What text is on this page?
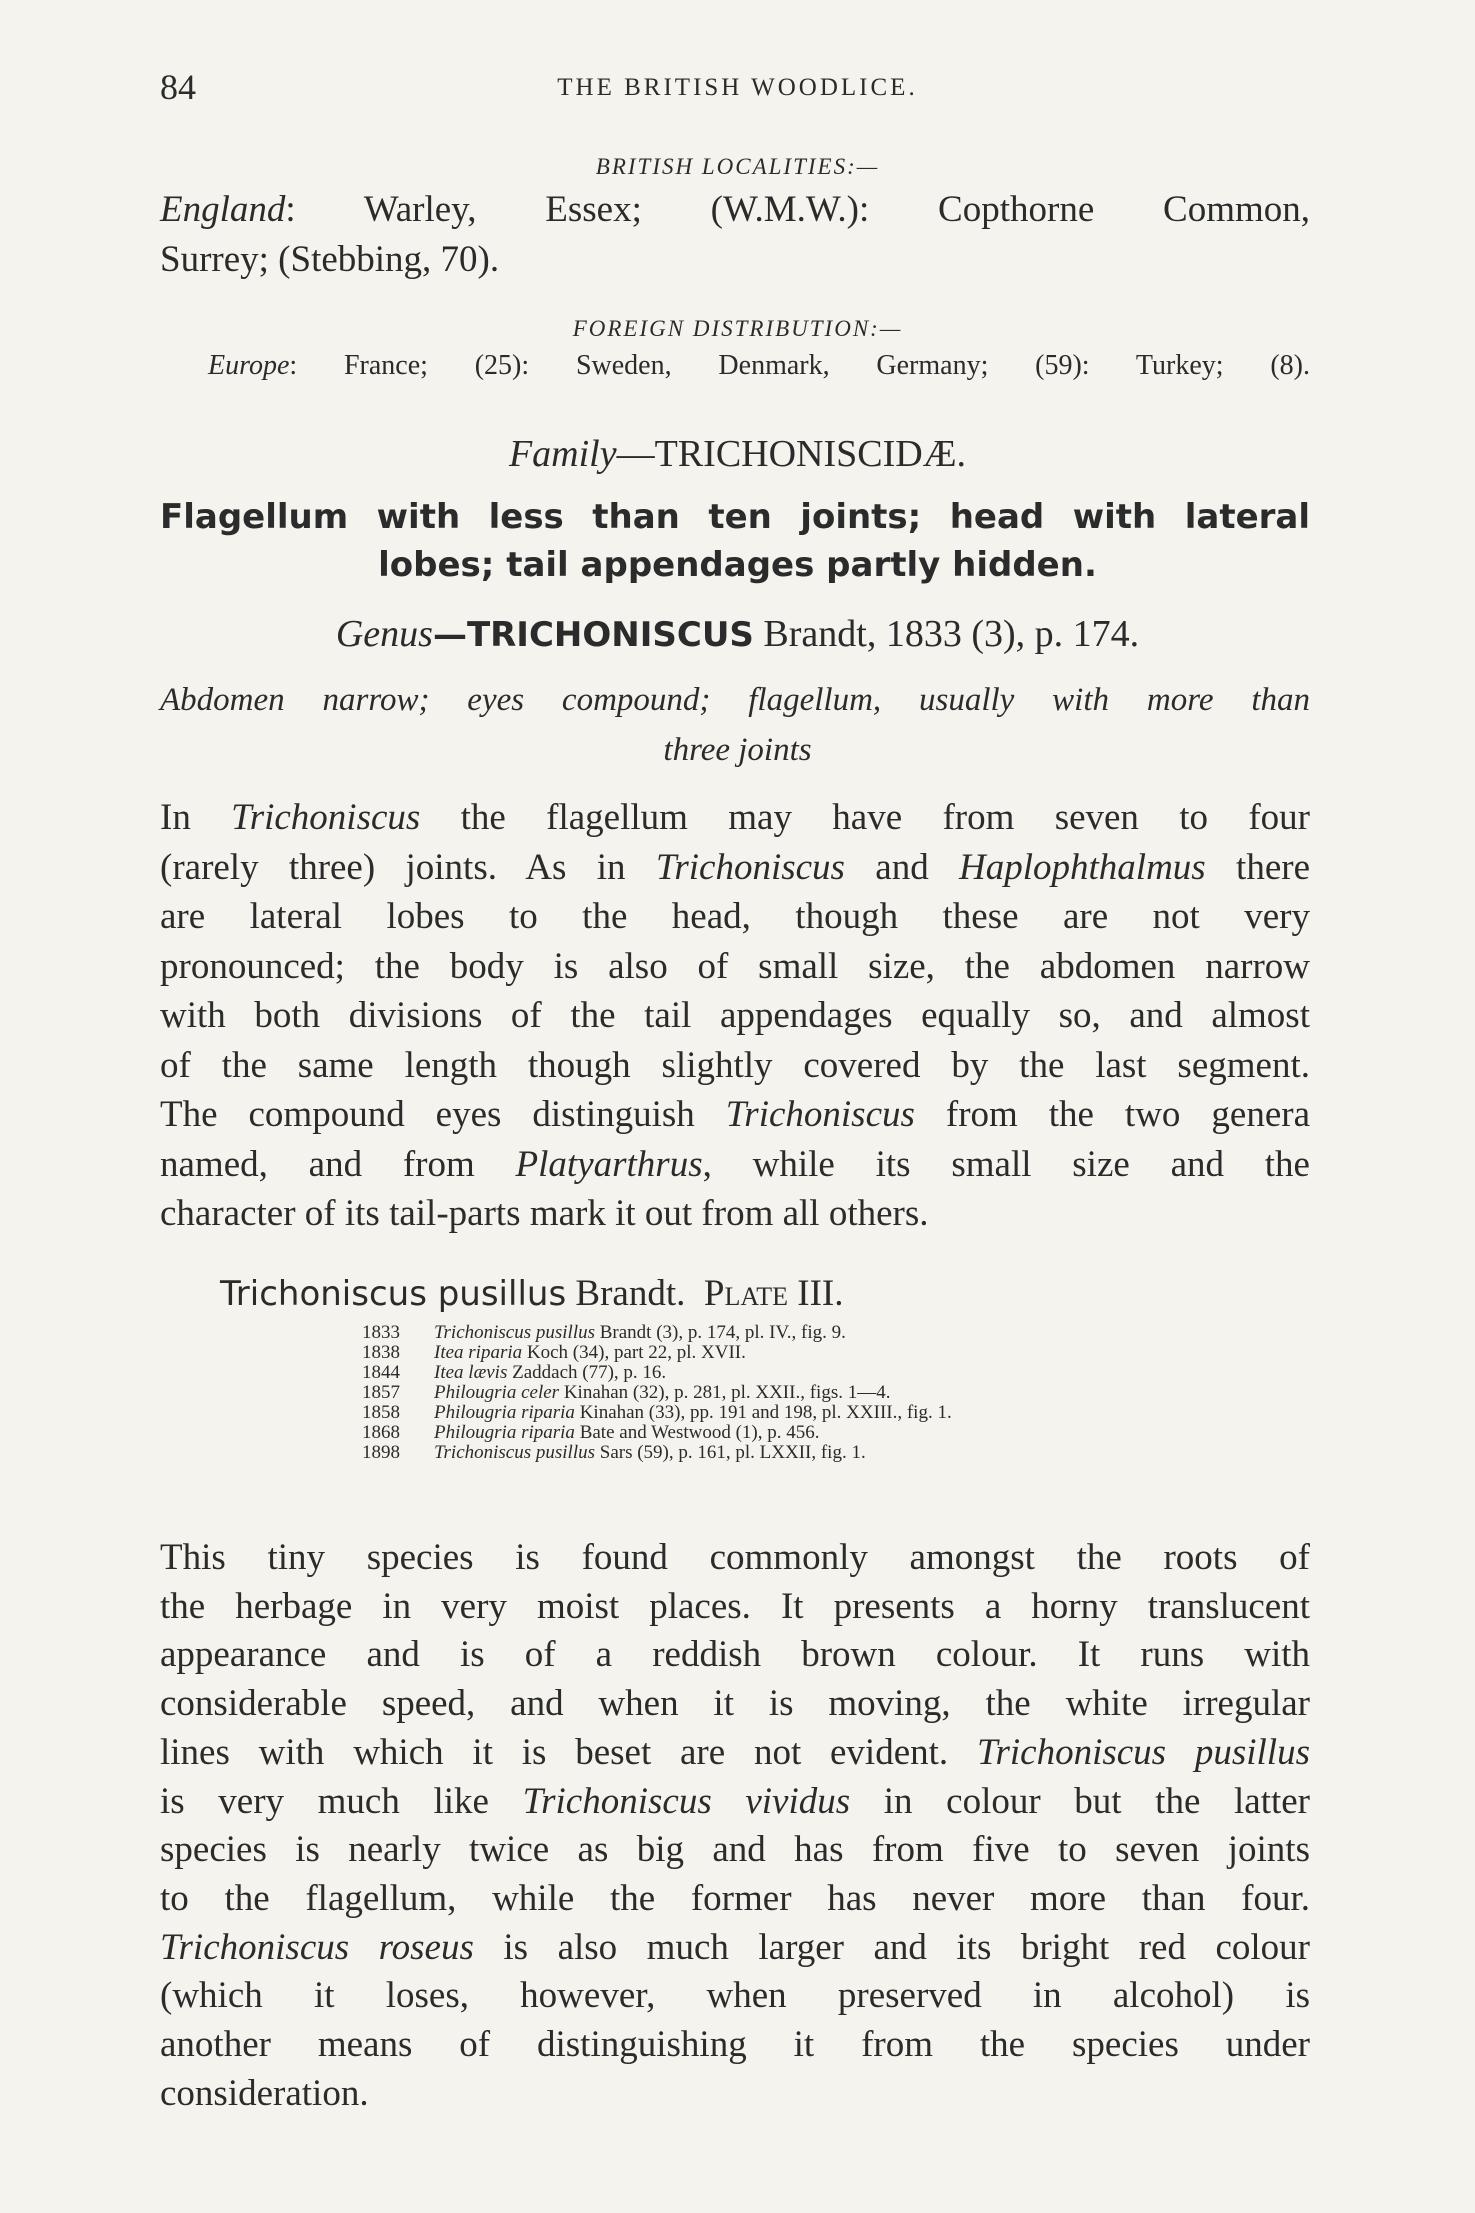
84	THE BRITISH WOODLICE.
BRITISH LOCALITIES:—
England: Warley, Essex; (W.M.W.): Copthorne Common,
Surrey; (Stebbing, 70).
FOREIGN DISTRIBUTION:—
Europe: France; (25): Sweden, Denmark, Germany; (59): Turkey; (8).
Family—TRICHONISCIDÆ.
Flagellum with less than ten joints; head with lateral
lobes; tail appendages partly hidden.
Genus—TRICHONISCUS Brandt, 1833 (3), p. 174.
Abdomen narrow; eyes compound; flagellum, usually with more than
three joints
In Trichoniscus the flagellum may have from seven to four
(rarely three) joints. As in Trichoniscus and Haplophthalmus there
are lateral lobes to the head, though these are not very
pronounced; the body is also of small size, the abdomen narrow
with both divisions of the tail appendages equally so, and almost
of the same length though slightly covered by the last segment.
The compound eyes distinguish Trichoniscus from the two genera
named, and from Platyarthrus, while its small size and the
character of its tail-parts mark it out from all others.
Trichoniscus pusillus Brandt. Plate III.
1833 Trichoniscus pusillus Brandt (3), p. 174, pl. IV., fig. 9.
1838 Itea riparia Koch (34), part 22, pl. XVII.
1844 Itea lævis Zaddach (77), p. 16.
1857 Philougria celer Kinahan (32), p. 281, pl. XXII., figs. 1—4.
1858 Philougria riparia Kinahan (33), pp. 191 and 198, pl. XXIII., fig. 1.
1868 Philougria riparia Bate and Westwood (1), p. 456.
1898 Trichoniscus pusillus Sars (59), p. 161, pl. LXXII, fig. 1.
This tiny species is found commonly amongst the roots of
the herbage in very moist places. It presents a horny translucent
appearance and is of a reddish brown colour. It runs with
considerable speed, and when it is moving, the white irregular
lines with which it is beset are not evident. Trichoniscus pusillus
is very much like Trichoniscus vividus in colour but the latter
species is nearly twice as big and has from five to seven joints
to the flagellum, while the former has never more than four.
Trichoniscus roseus is also much larger and its bright red colour
(which it loses, however, when preserved in alcohol) is
another means of distinguishing it from the species under
consideration.
